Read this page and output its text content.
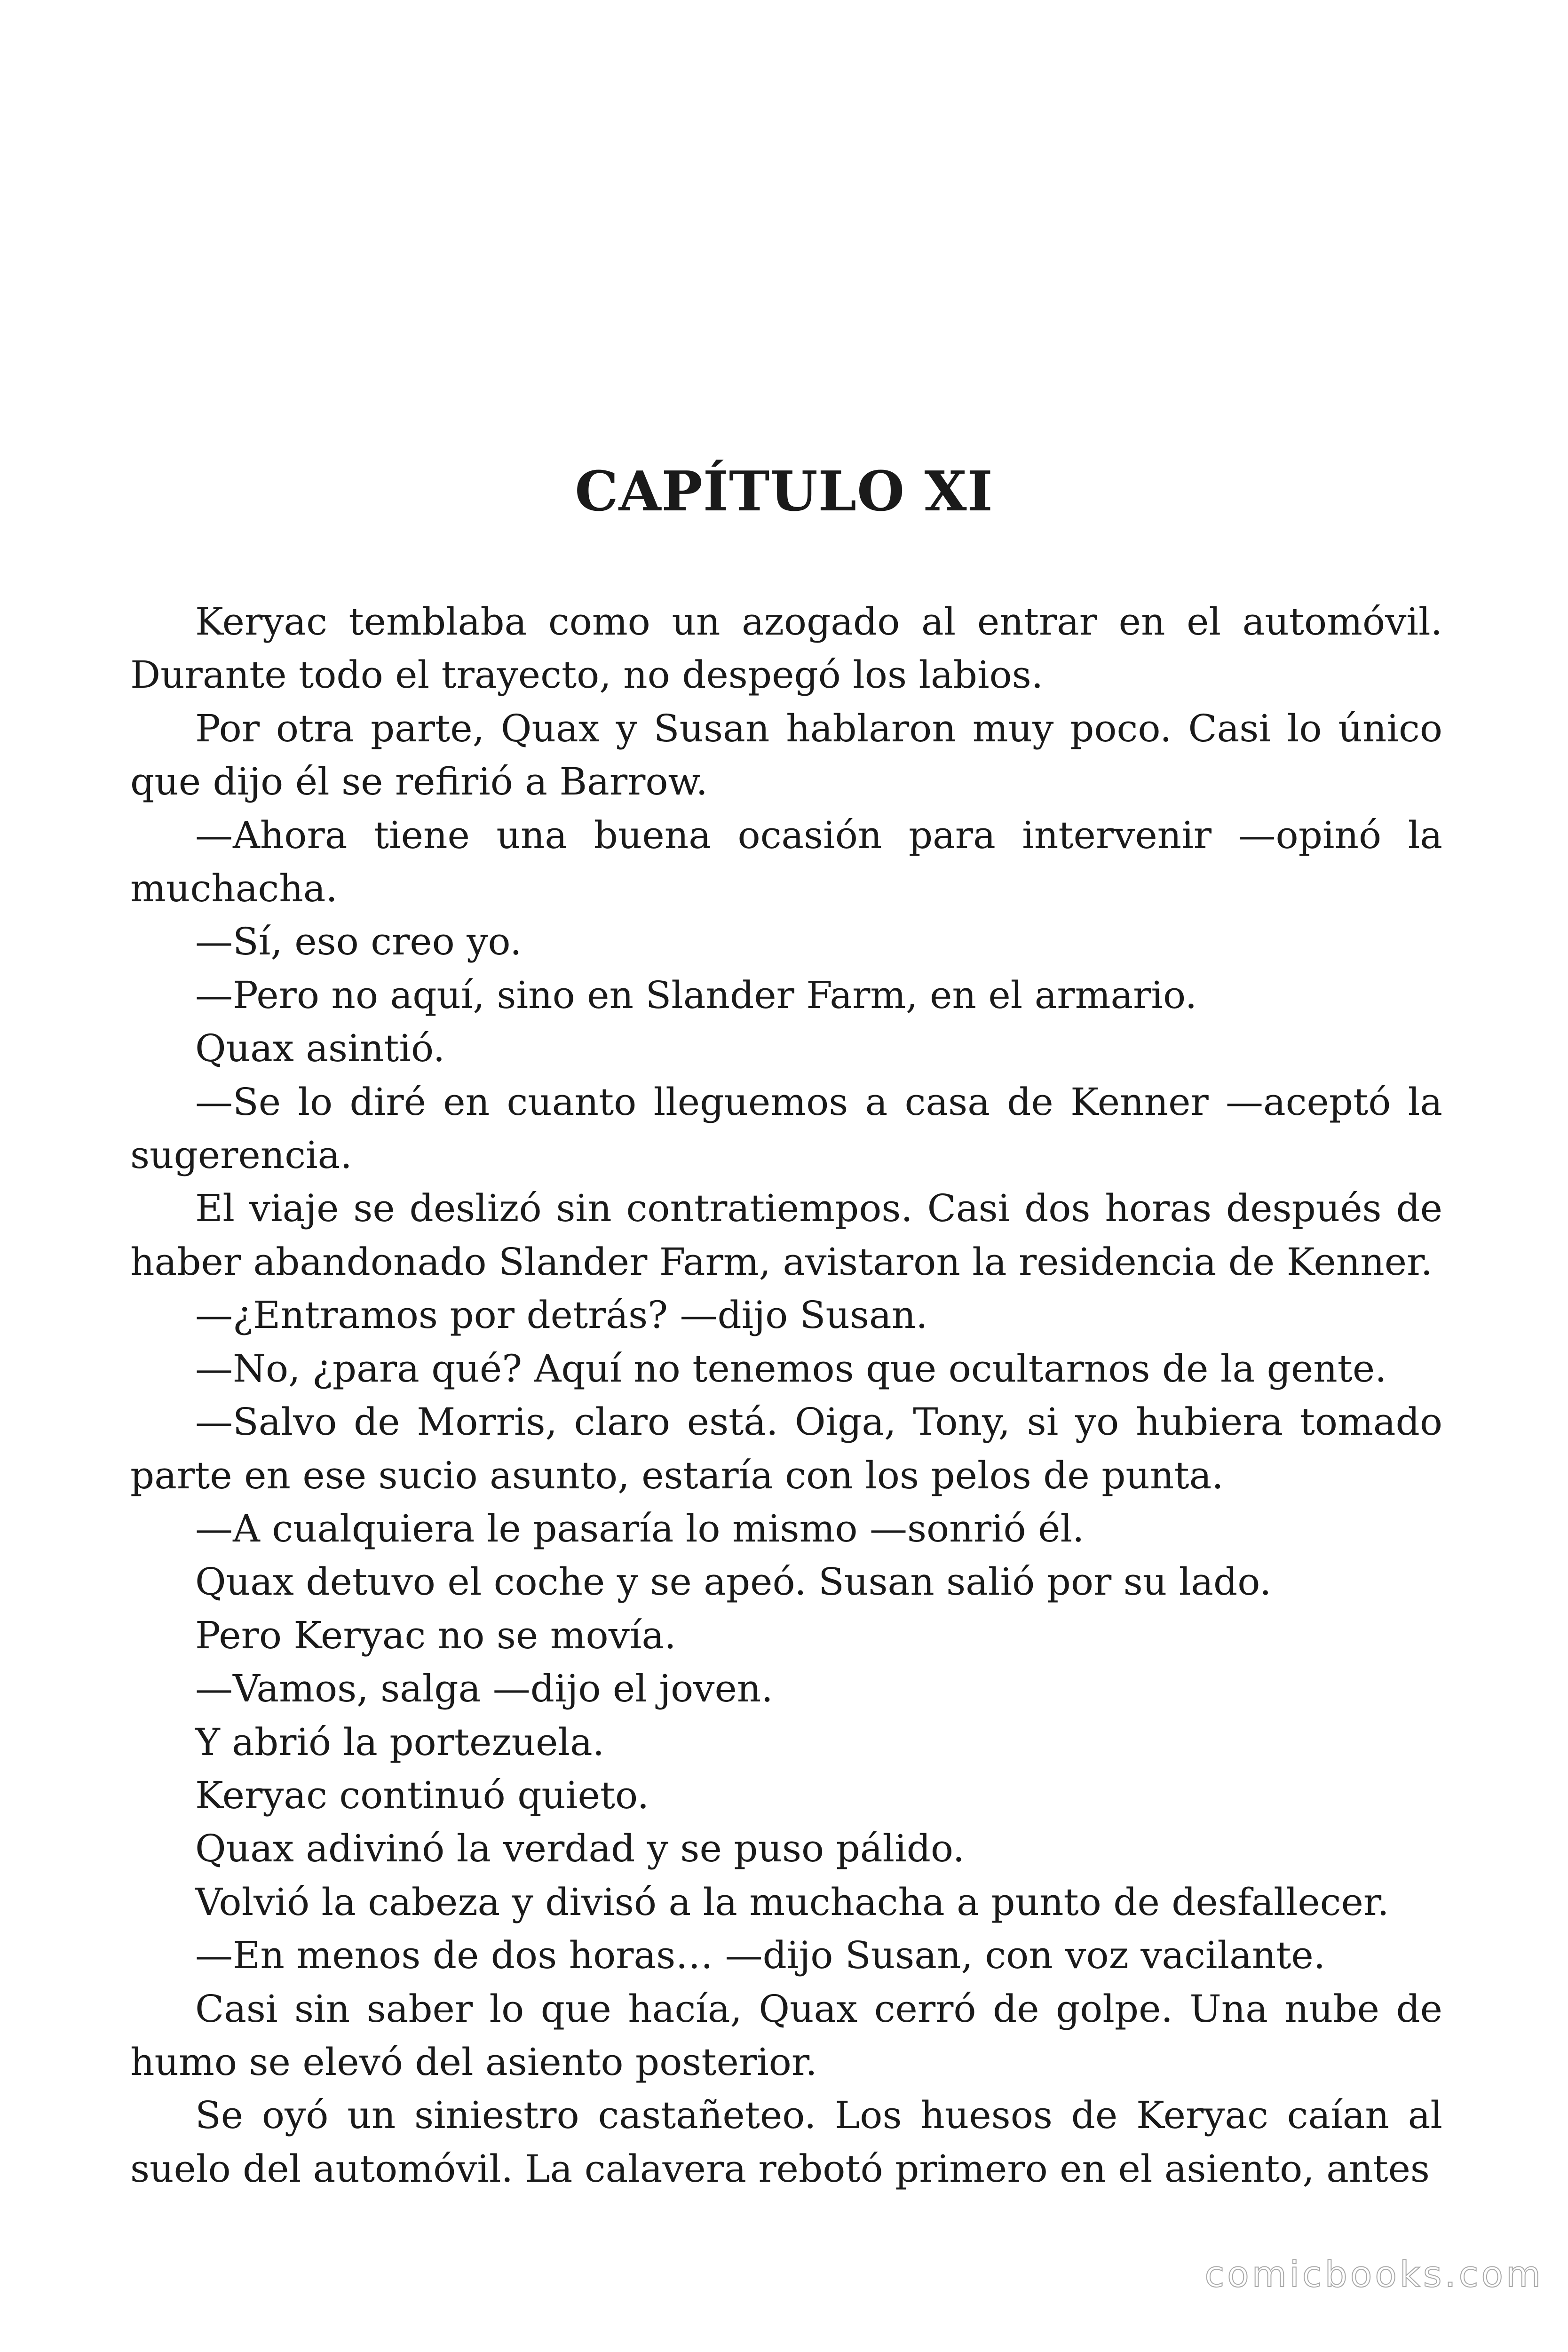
CAPÍTULO XI

Keryac temblaba como un azogado al entrar en el automóvil. Durante todo el trayecto, no despegó los labios.

Por otra parte, Quax y Susan hablaron muy poco. Casi lo único que dijo él se refirió a Barrow.

—Ahora tiene una buena ocasión para intervenir —opinó la muchacha.

—Sí, eso creo yo.

—Pero no aquí, sino en Slander Farm, en el armario.

Quax asintió.

—Se lo diré en cuanto lleguemos a casa de Kenner —aceptó la sugerencia.

El viaje se deslizó sin contratiempos. Casi dos horas después de haber abandonado Slander Farm, avistaron la residencia de Kenner.

—¿Entramos por detrás? —dijo Susan.

—No, ¿para qué? Aquí no tenemos que ocultarnos de la gente.

—Salvo de Morris, claro está. Oiga, Tony, si yo hubiera tomado parte en ese sucio asunto, estaría con los pelos de punta.

—A cualquiera le pasaría lo mismo —sonrió él.

Quax detuvo el coche y se apeó. Susan salió por su lado.

Pero Keryac no se movía.

—Vamos, salga —dijo el joven.

Y abrió la portezuela.

Keryac continuó quieto.

Quax adivinó la verdad y se puso pálido.

Volvió la cabeza y divisó a la muchacha a punto de desfallecer.

—En menos de dos horas… —dijo Susan, con voz vacilante.

Casi sin saber lo que hacía, Quax cerró de golpe. Una nube de humo se elevó del asiento posterior.

Se oyó un siniestro castañeteo. Los huesos de Keryac caían al suelo del automóvil. La calavera rebotó primero en el asiento, antes

comicbooks.com
